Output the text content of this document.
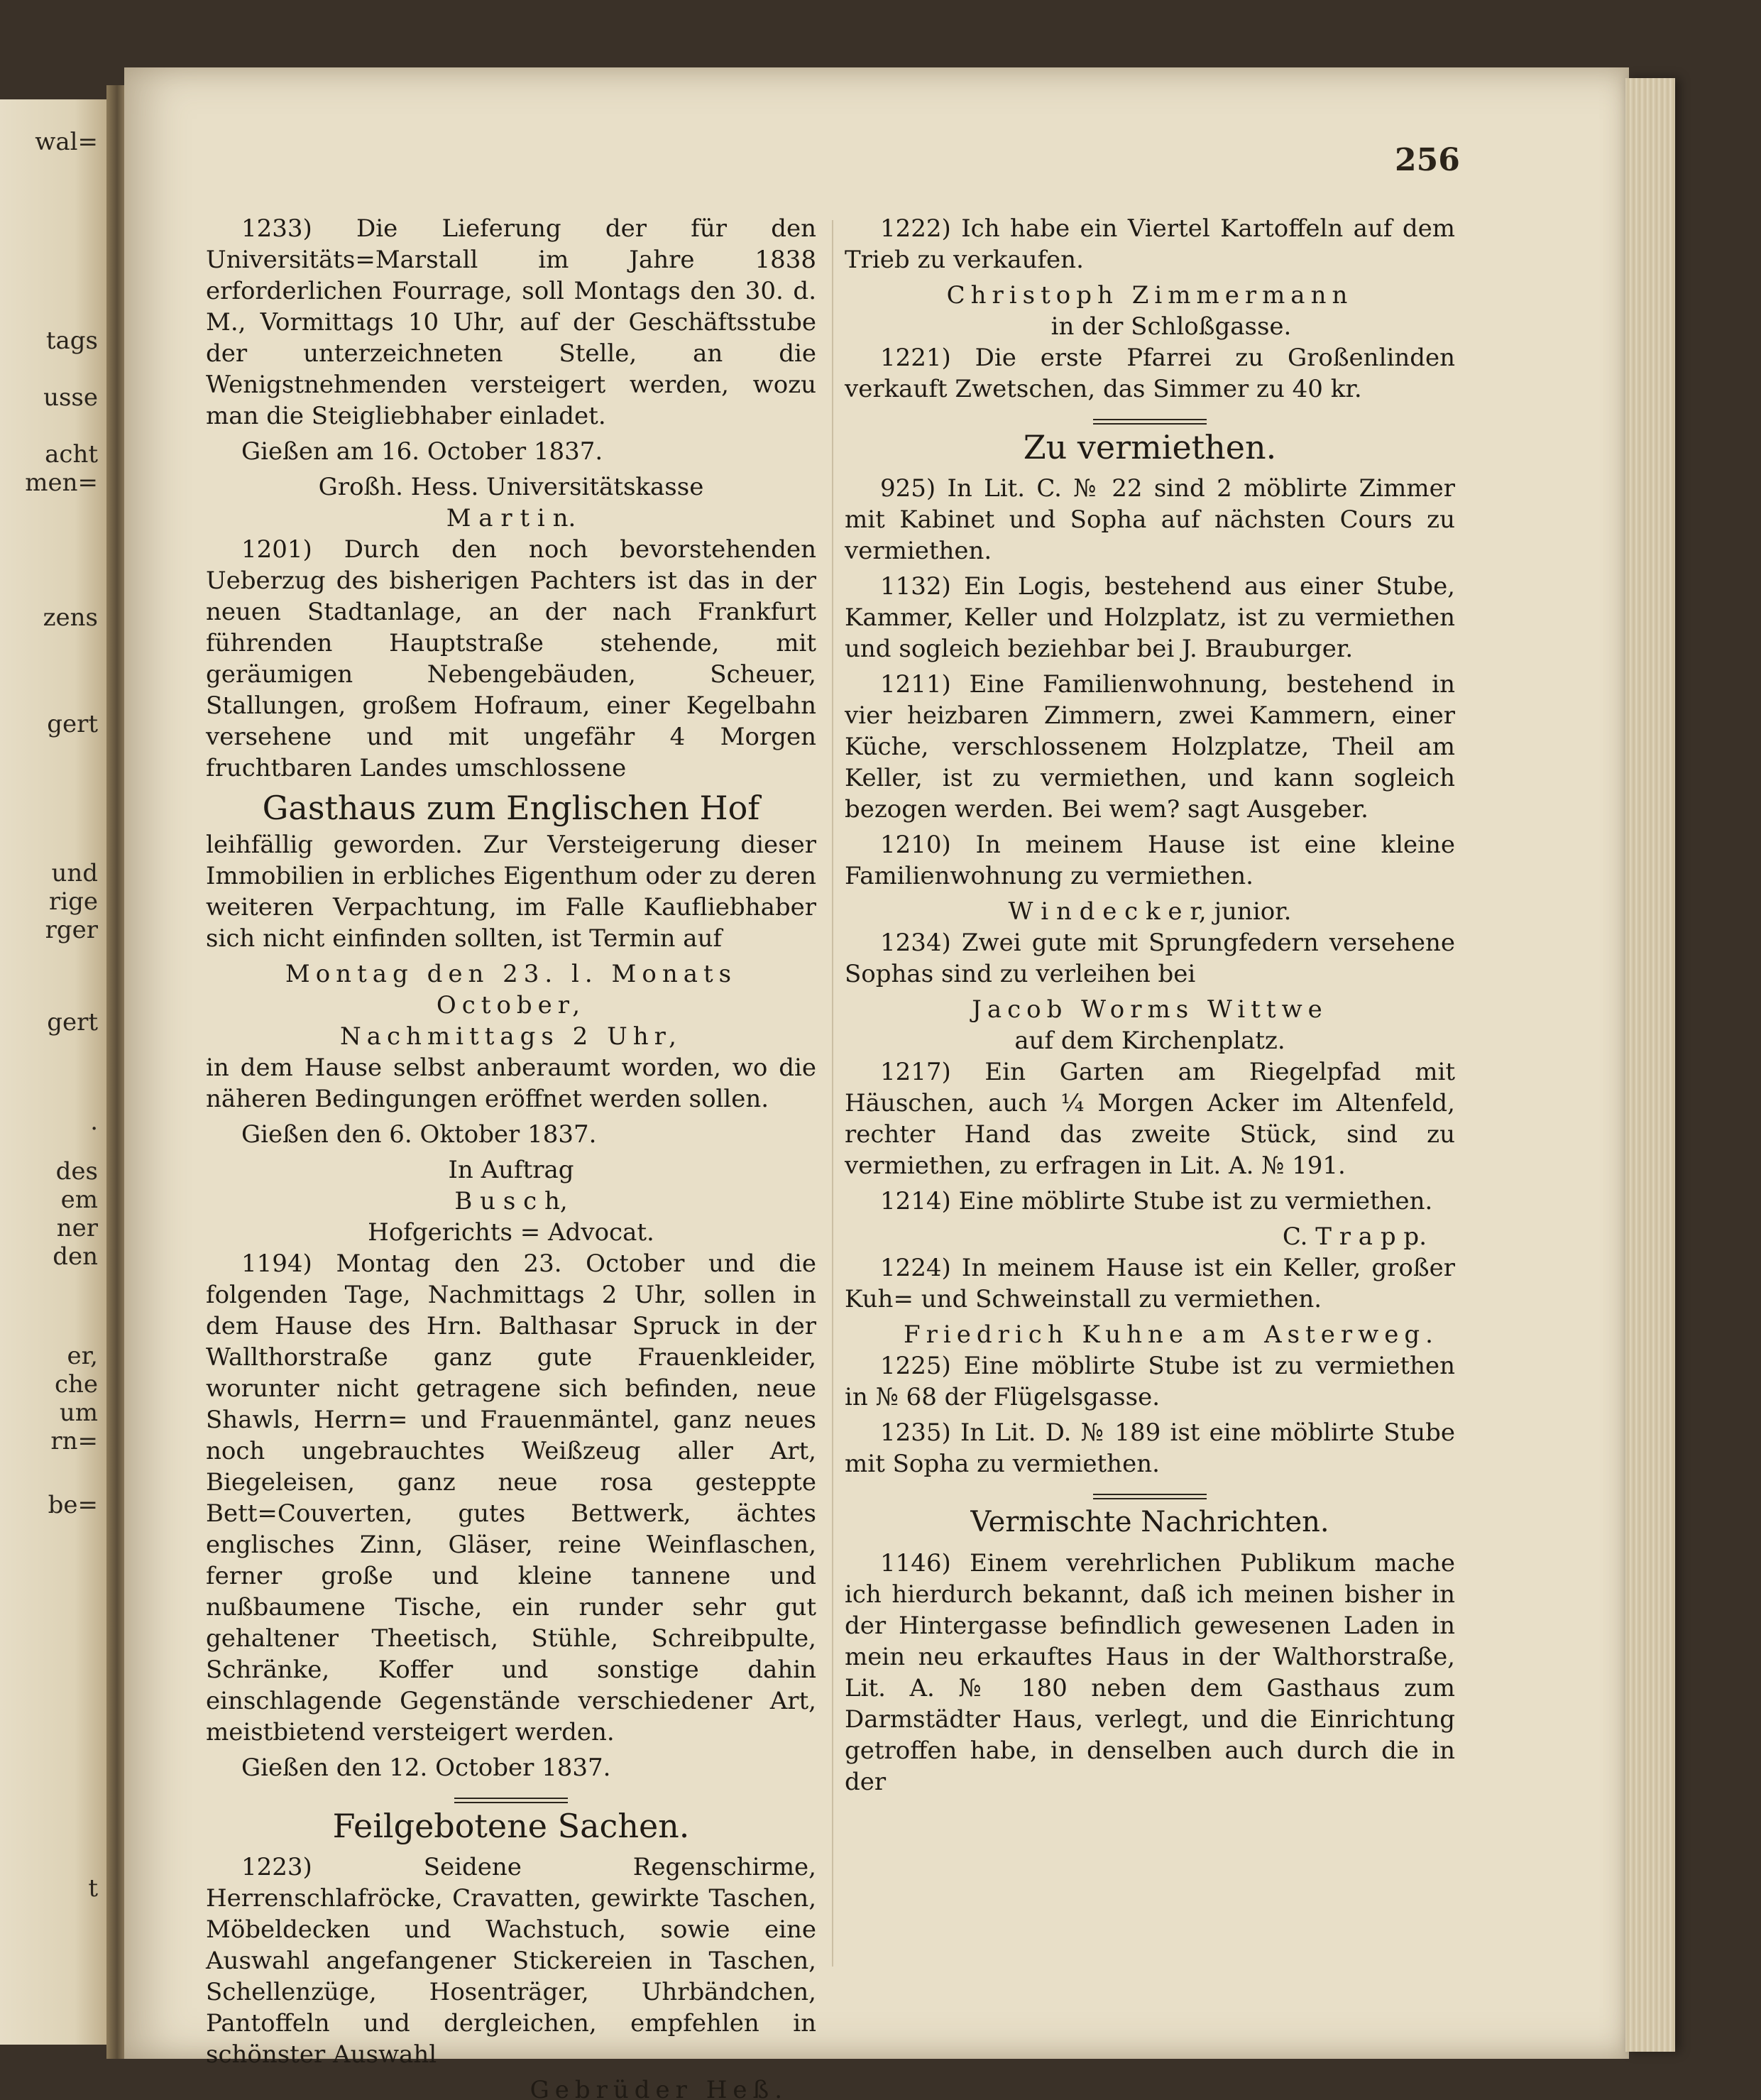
wal=
tags
usse
acht
men=
zens
gert
und
rige
rger
gert
.
des
em
ner
den
er,
che
um
rn=
be=
t
256

1233) Die Lieferung der für den Universitäts=Marstall im Jahre 1838 erforderlichen Fourrage, soll Montags den 30. d. M., Vormittags 10 Uhr, auf der Geschäftsstube der unterzeichneten Stelle, an die Wenigstnehmenden versteigert werden, wozu man die Steigliebhaber einladet.

Gießen am 16. October 1837.

Großh. Hess. Universitätskasse

M a r t i n.

1201) Durch den noch bevorstehenden Ueberzug des bisherigen Pachters ist das in der neuen Stadtanlage, an der nach Frankfurt führenden Hauptstraße stehende, mit geräumigen Nebengebäuden, Scheuer, Stallungen, großem Hofraum, einer Kegelbahn versehene und mit ungefähr 4 Morgen fruchtbaren Landes umschlossene

Gasthaus zum Englischen Hof

leihfällig geworden. Zur Versteigerung dieser Immobilien in erbliches Eigenthum oder zu deren weiteren Verpachtung, im Falle Kaufliebhaber sich nicht einfinden sollten, ist Termin auf

Montag den 23. l. Monats October,

Nachmittags 2 Uhr,

in dem Hause selbst anberaumt worden, wo die näheren Bedingungen eröffnet werden sollen.

Gießen den 6. Oktober 1837.

In Auftrag

B u s c h,

Hofgerichts = Advocat.

1194) Montag den 23. October und die folgenden Tage, Nachmittags 2 Uhr, sollen in dem Hause des Hrn. Balthasar Spruck in der Wallthorstraße ganz gute Frauenkleider, worunter nicht getragene sich befinden, neue Shawls, Herrn= und Frauenmäntel, ganz neues noch ungebrauchtes Weißzeug aller Art, Biegeleisen, ganz neue rosa gesteppte Bett=Couverten, gutes Bettwerk, ächtes englisches Zinn, Gläser, reine Weinflaschen, ferner große und kleine tannene und nußbaumene Tische, ein runder sehr gut gehaltener Theetisch, Stühle, Schreibpulte, Schränke, Koffer und sonstige dahin einschlagende Gegenstände verschiedener Art, meistbietend versteigert werden.

Gießen den 12. October 1837.

Feilgebotene Sachen.

1223) Seidene Regenschirme, Herrenschlafröcke, Cravatten, gewirkte Taschen, Möbeldecken und Wachstuch, sowie eine Auswahl angefangener Stickereien in Taschen, Schellenzüge, Hosenträger, Uhrbändchen, Pantoffeln und dergleichen, empfehlen in schönster Auswahl

Gebrüder Heß.

1222) Ich habe ein Viertel Kartoffeln auf dem Trieb zu verkaufen.

Christoph Zimmermann

in der Schloßgasse.

1221) Die erste Pfarrei zu Großenlinden verkauft Zwetschen, das Simmer zu 40 kr.

Zu vermiethen.

925) In Lit. C. № 22 sind 2 möblirte Zimmer mit Kabinet und Sopha auf nächsten Cours zu vermiethen.

1132) Ein Logis, bestehend aus einer Stube, Kammer, Keller und Holzplatz, ist zu vermiethen und sogleich beziehbar bei J. Brauburger.

1211) Eine Familienwohnung, bestehend in vier heizbaren Zimmern, zwei Kammern, einer Küche, verschlossenem Holzplatze, Theil am Keller, ist zu vermiethen, und kann sogleich bezogen werden. Bei wem? sagt Ausgeber.

1210) In meinem Hause ist eine kleine Familienwohnung zu vermiethen.

W i n d e c k e r, junior.

1234) Zwei gute mit Sprungfedern versehene Sophas sind zu verleihen bei

Jacob Worms Wittwe

auf dem Kirchenplatz.

1217) Ein Garten am Riegelpfad mit Häuschen, auch ¼ Morgen Acker im Altenfeld, rechter Hand das zweite Stück, sind zu vermiethen, zu erfragen in Lit. A. № 191.

1214) Eine möblirte Stube ist zu vermiethen.

C. T r a p p.

1224) In meinem Hause ist ein Keller, großer Kuh= und Schweinstall zu vermiethen.

Friedrich Kuhne am Asterweg.

1225) Eine möblirte Stube ist zu vermiethen in № 68 der Flügelsgasse.

1235) In Lit. D. № 189 ist eine möblirte Stube mit Sopha zu vermiethen.

Vermischte Nachrichten.

1146) Einem verehrlichen Publikum mache ich hierdurch bekannt, daß ich meinen bisher in der Hintergasse befindlich gewesenen Laden in mein neu erkauftes Haus in der Walthorstraße, Lit. A. № 180 neben dem Gasthaus zum Darmstädter Haus, verlegt, und die Einrichtung getroffen habe, in denselben auch durch die in der
